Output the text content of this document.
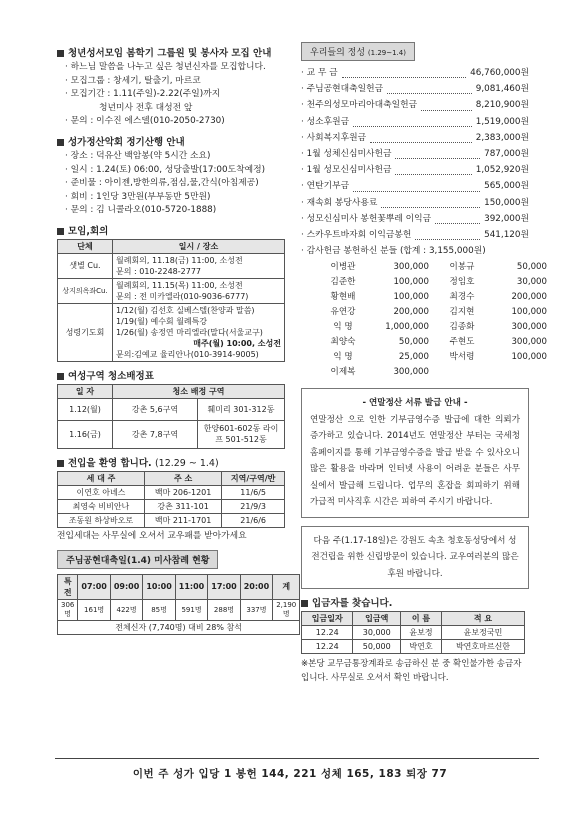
청년성서모임 봄학기 그룹원 및 봉사자 모집 안내
· 하느님 말씀을 나누고 싶은 청년신자를 모집합니다.
· 모집그룹 : 창세기, 탈출기, 마르코
· 모집기간 : 1.11(주일)-2.22(주일)까지
청년미사 전후 대성전 앞
· 문의 : 이수진 에스델(010-2050-2730)
성가정산악회 정기산행 안내
· 장소 : 덕유산 백암봉(약 5시간 소요)
· 일시 : 1.24(토) 06:00, 성당출발(17:00도착예정)
· 준비물 : 아이젠,방한의류,점심,물,간식(아침제공)
· 회비 : 1인당 3만원(부부동반 5만원)
· 문의 : 김 니콜라오(010-5720-1888)
모임,회의
단체	일시 / 장소
샛별 Cu.	월례회의, 11.18(금) 11:00, 소성전
문의 : 010-2248-2777

상지의옥좌Cu.	월례회의, 11.15(목) 11:00, 소성전
문의 : 전 미카엘라(010-9036-6777)

성령기도회	1/12(월) 김선호 실베스텔(찬양과 말씀)
1/19(월) 예수회 월례특강
1/26(월) 송정연 마리엘라(말다(서울교구)
매주(월) 10:00, 소성전
문의:김예교 율리안나(010-3914-9005)
여성구역 청소배정표
일 자	청소 배정 구역	
1.12(월)	강촌 5,6구역	훼미리 301-312동
1.16(금)	강촌 7,8구역	한양601-602동 라이프 501-512동
전입을 환영 합니다. (12.29 ~ 1.4)
세 대 주	주 소	지역/구역/반
이연호 아녜스	백마 206-1201	11/6/5
최영숙 비비안나	강촌 311-101	21/9/3
조동원 하상바오로	백마 211-1701	21/6/6
전입세대는 사무실에 오셔서 교우패를 받아가세요
주님공현대축일(1.4) 미사참례 현황
특전	07:00	09:00	10:00	11:00	17:00	20:00	계
306명	161명	422명	85명	591명	288명	337명	2,190명
전체신자 (7,740명) 대비 28% 참석							
우리들의 정성 (1.29~1.4)
· 교 무 금	46,760,000원
· 주님공현대축일헌금	9,081,460원
· 천주의성모마리아대축일헌금	8,210,900원
· 성소후원금	1,519,000원
· 사회복지후원금	2,383,000원
· 1월 성체신심미사헌금	787,000원
· 1월 성모신심미사헌금	1,052,920원
· 연탄기부금	565,000원
· 재속회 봉당사용료	150,000원
· 성모신심미사 봉헌꽃뿌레 이익금	392,000원
· 스카우트바자회 이익금봉헌	541,120원
· 감사헌금 봉헌하신 분들 (합계 : 3,155,000원)
이병관	300,000	이봉규	50,000
김준한	100,000	정임호	30,000
황현배	100,000	최경수	200,000
유연강	200,000	김지현	100,000
익 명	1,000,000	김종화	300,000
최양숙	50,000	주현도	300,000
익 명	25,000	박서령	100,000
이제복	300,000
- 연말정산 서류 발급 안내 -
연말정산 으로 인한 기부금영수증 발급에 대한 의뢰가 증가하고 있습니다. 2014년도 연말정산 부터는 국세청 홈페이지를 통해 기부금영수증을 발급 받을 수 있사오니 많은 활용을 바라며 인터넷 사용이 어려운 분들은 사무실에서 발급해 드립니다. 업무의 혼잡을 회피하기 위해 가급적 미사직후 시간은 피하여 주시기 바랍니다.
다음 주(1.17-18일)은 강원도 속초 청호동성당에서 성전건립을 위한 신립방문이 있습니다. 교우여러분의 많은 후원 바랍니다.
입금자를 찾습니다.
입금일자	입금액	이 름	적 요
12.24	30,000	윤보정	윤보정국민
12.24	50,000	박연호	박연호마르신한
※본당 교무금통장계좌로 송금하신 분 중 확인불가한 송금자 입니다. 사무실로 오셔서 확인 바랍니다.
이번 주 성가 입당 1 봉헌 144, 221 성체 165, 183 퇴장 77
